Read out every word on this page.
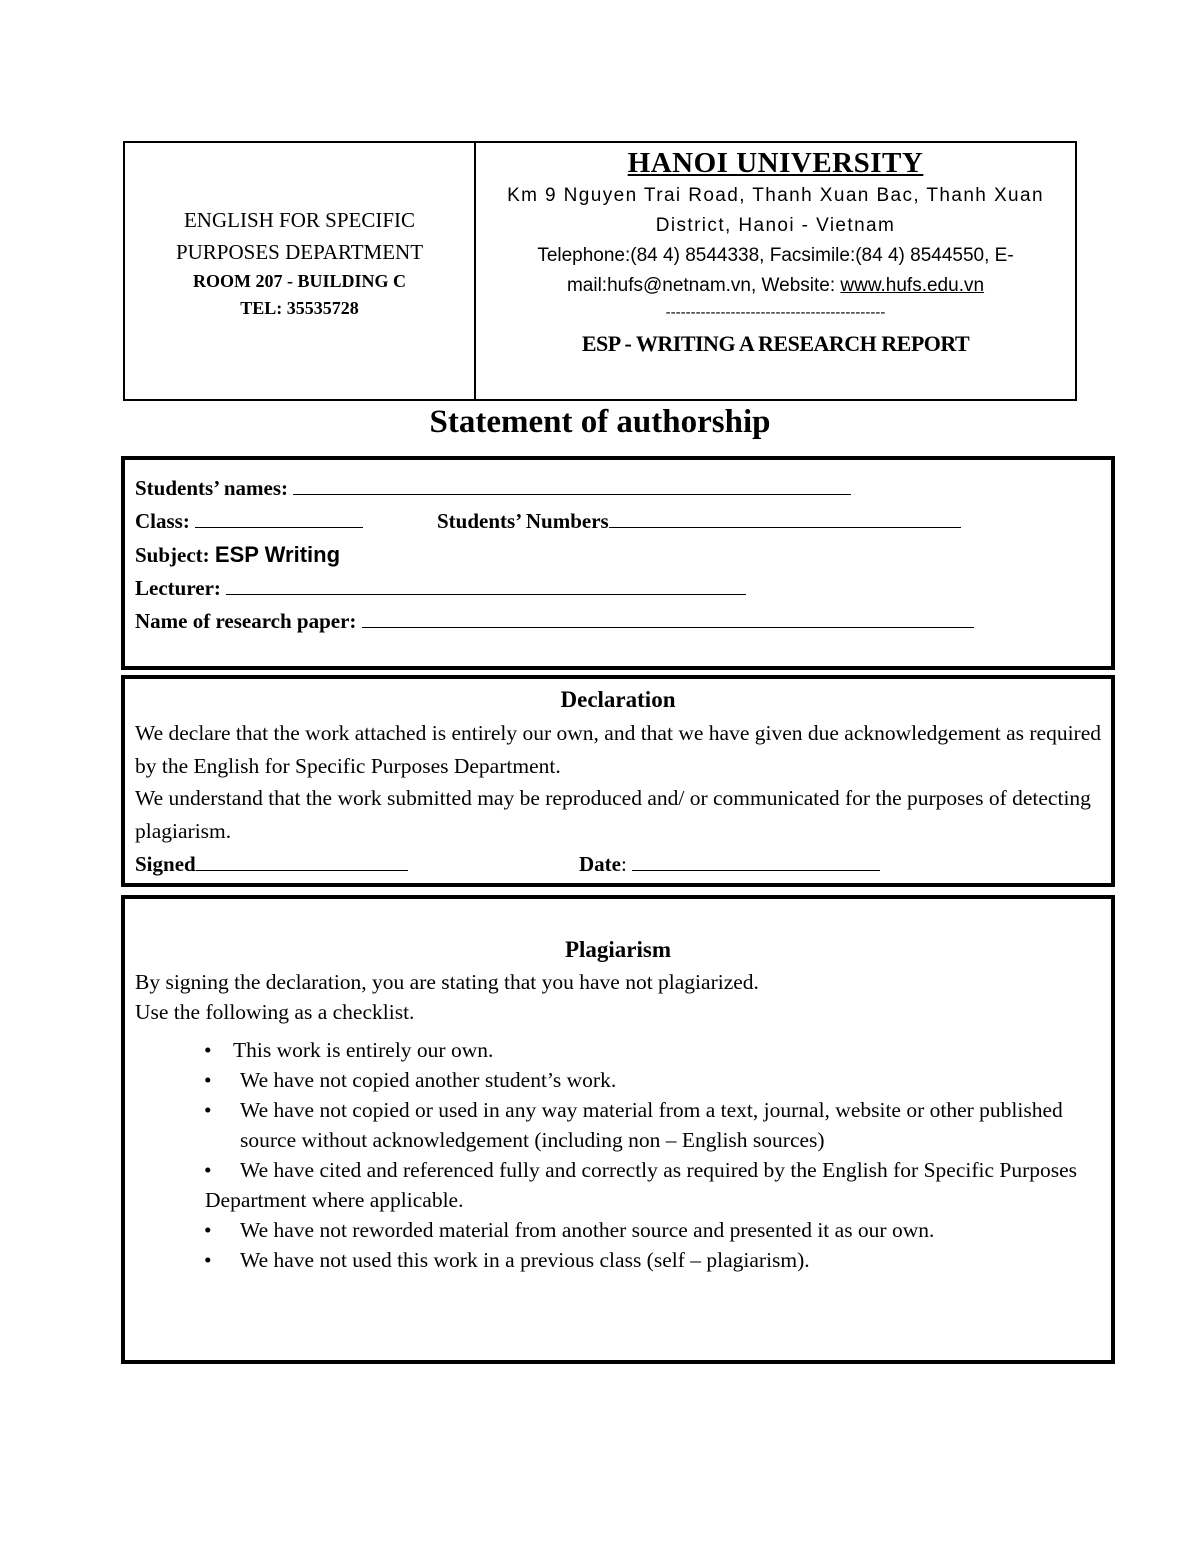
ENGLISH FOR SPECIFIC
PURPOSES DEPARTMENT
ROOM 207 - BUILDING C
TEL: 35535728
HANOI UNIVERSITY
Km 9 Nguyen Trai Road, Thanh Xuan Bac, Thanh Xuan District, Hanoi - Vietnam
Telephone:(84 4) 8544338, Facsimile:(84 4) 8544550, E-mail:hufs@netnam.vn, Website: www.hufs.edu.vn
--------------------------------------------
ESP - WRITING A RESEARCH REPORT
Statement of authorship
Students’ names:
Class:	Students’ Numbers
Subject: ESP Writing
Lecturer:
Name of research paper:
Declaration
We declare that the work attached is entirely our own, and that we have given due acknowledgement as required by the English for Specific Purposes Department.
We understand that the work submitted may be reproduced and/ or communicated for the purposes of detecting plagiarism.
Signed	Date:
Plagiarism
By signing the declaration, you are stating that you have not plagiarized.
Use the following as a checklist.
• This work is entirely our own.
• We have not copied another student’s work.
• We have not copied or used in any way material from a text, journal, website or other published source without acknowledgement (including non – English sources)
• We have cited and referenced fully and correctly as required by the English for Specific Purposes Department where applicable.
• We have not reworded material from another source and presented it as our own.
• We have not used this work in a previous class (self – plagiarism).
